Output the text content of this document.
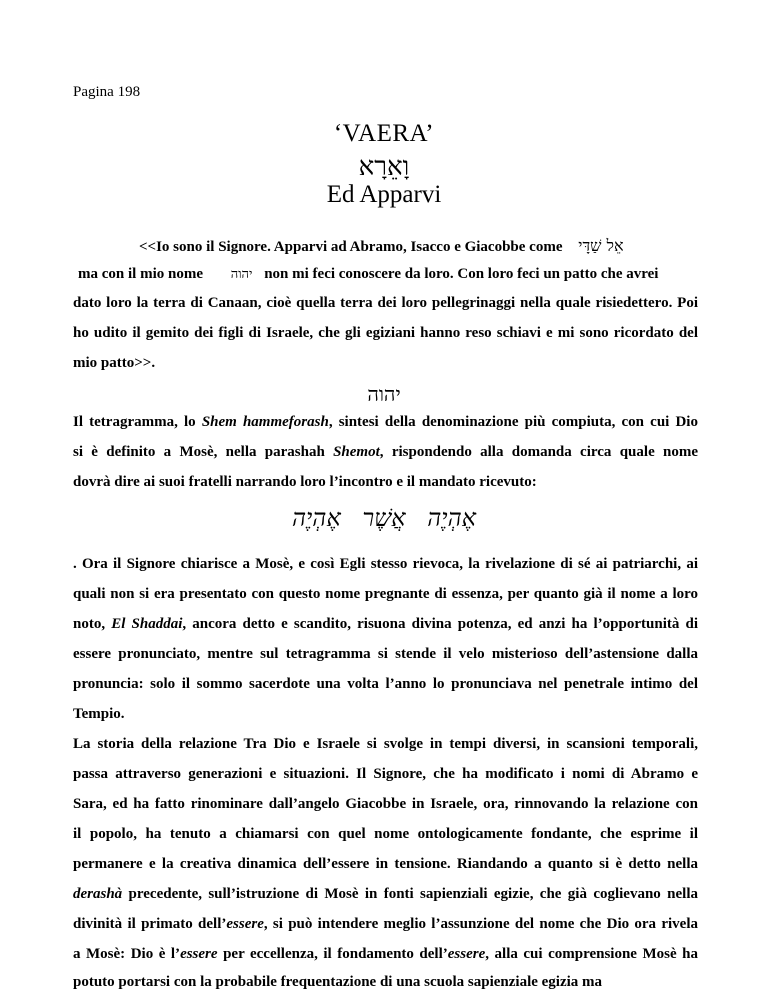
Pagina 198
‘VAERA’
וָאֵרָא
Ed Apparvi
<<Io sono il Signore. Apparvi ad Abramo, Isacco e Giacobbe come אֵל שַׁדָּי
ma con il mio nome יהוה non mi feci conoscere da loro. Con loro feci un patto che avrei
dato loro la terra di Canaan, cioè quella terra dei loro pellegrinaggi nella quale risiedettero. Poi
ho udito il gemito dei figli di Israele, che gli egiziani hanno reso schiavi e mi sono ricordato del
mio patto>>.
יהוה
Il tetragramma, lo Shem hammeforash, sintesi della denominazione più compiuta, con cui Dio
si è definito a Mosè, nella parashah Shemot, rispondendo alla domanda circa quale nome
dovrà dire ai suoi fratelli narrando loro l’incontro e il mandato ricevuto:
אֶהְיֶה אֲשֶׁר אֶהְיֶה
. Ora il Signore chiarisce a Mosè, e così Egli stesso rievoca, la rivelazione di sé ai patriarchi, ai
quali non si era presentato con questo nome pregnante di essenza, per quanto già il nome a loro
noto, El Shaddai, ancora detto e scandito, risuona divina potenza, ed anzi ha l’opportunità di
essere pronunciato, mentre sul tetragramma si stende il velo misterioso dell’astensione dalla
pronuncia: solo il sommo sacerdote una volta l’anno lo pronunciava nel penetrale intimo del
Tempio.
La storia della relazione Tra Dio e Israele si svolge in tempi diversi, in scansioni temporali,
passa attraverso generazioni e situazioni. Il Signore, che ha modificato i nomi di Abramo e
Sara, ed ha fatto rinominare dall’angelo Giacobbe in Israele, ora, rinnovando la relazione con
il popolo, ha tenuto a chiamarsi con quel nome ontologicamente fondante, che esprime il
permanere e la creativa dinamica dell’essere in tensione. Riandando a quanto si è detto nella
derashà precedente, sull’istruzione di Mosè in fonti sapienziali egizie, che già coglievano nella
divinità il primato dell’essere, si può intendere meglio l’assunzione del nome che Dio ora rivela
a Mosè: Dio è l’essere per eccellenza, il fondamento dell’essere, alla cui comprensione Mosè ha
potuto portarsi con la probabile frequentazione di una scuola sapienziale egizia ma
